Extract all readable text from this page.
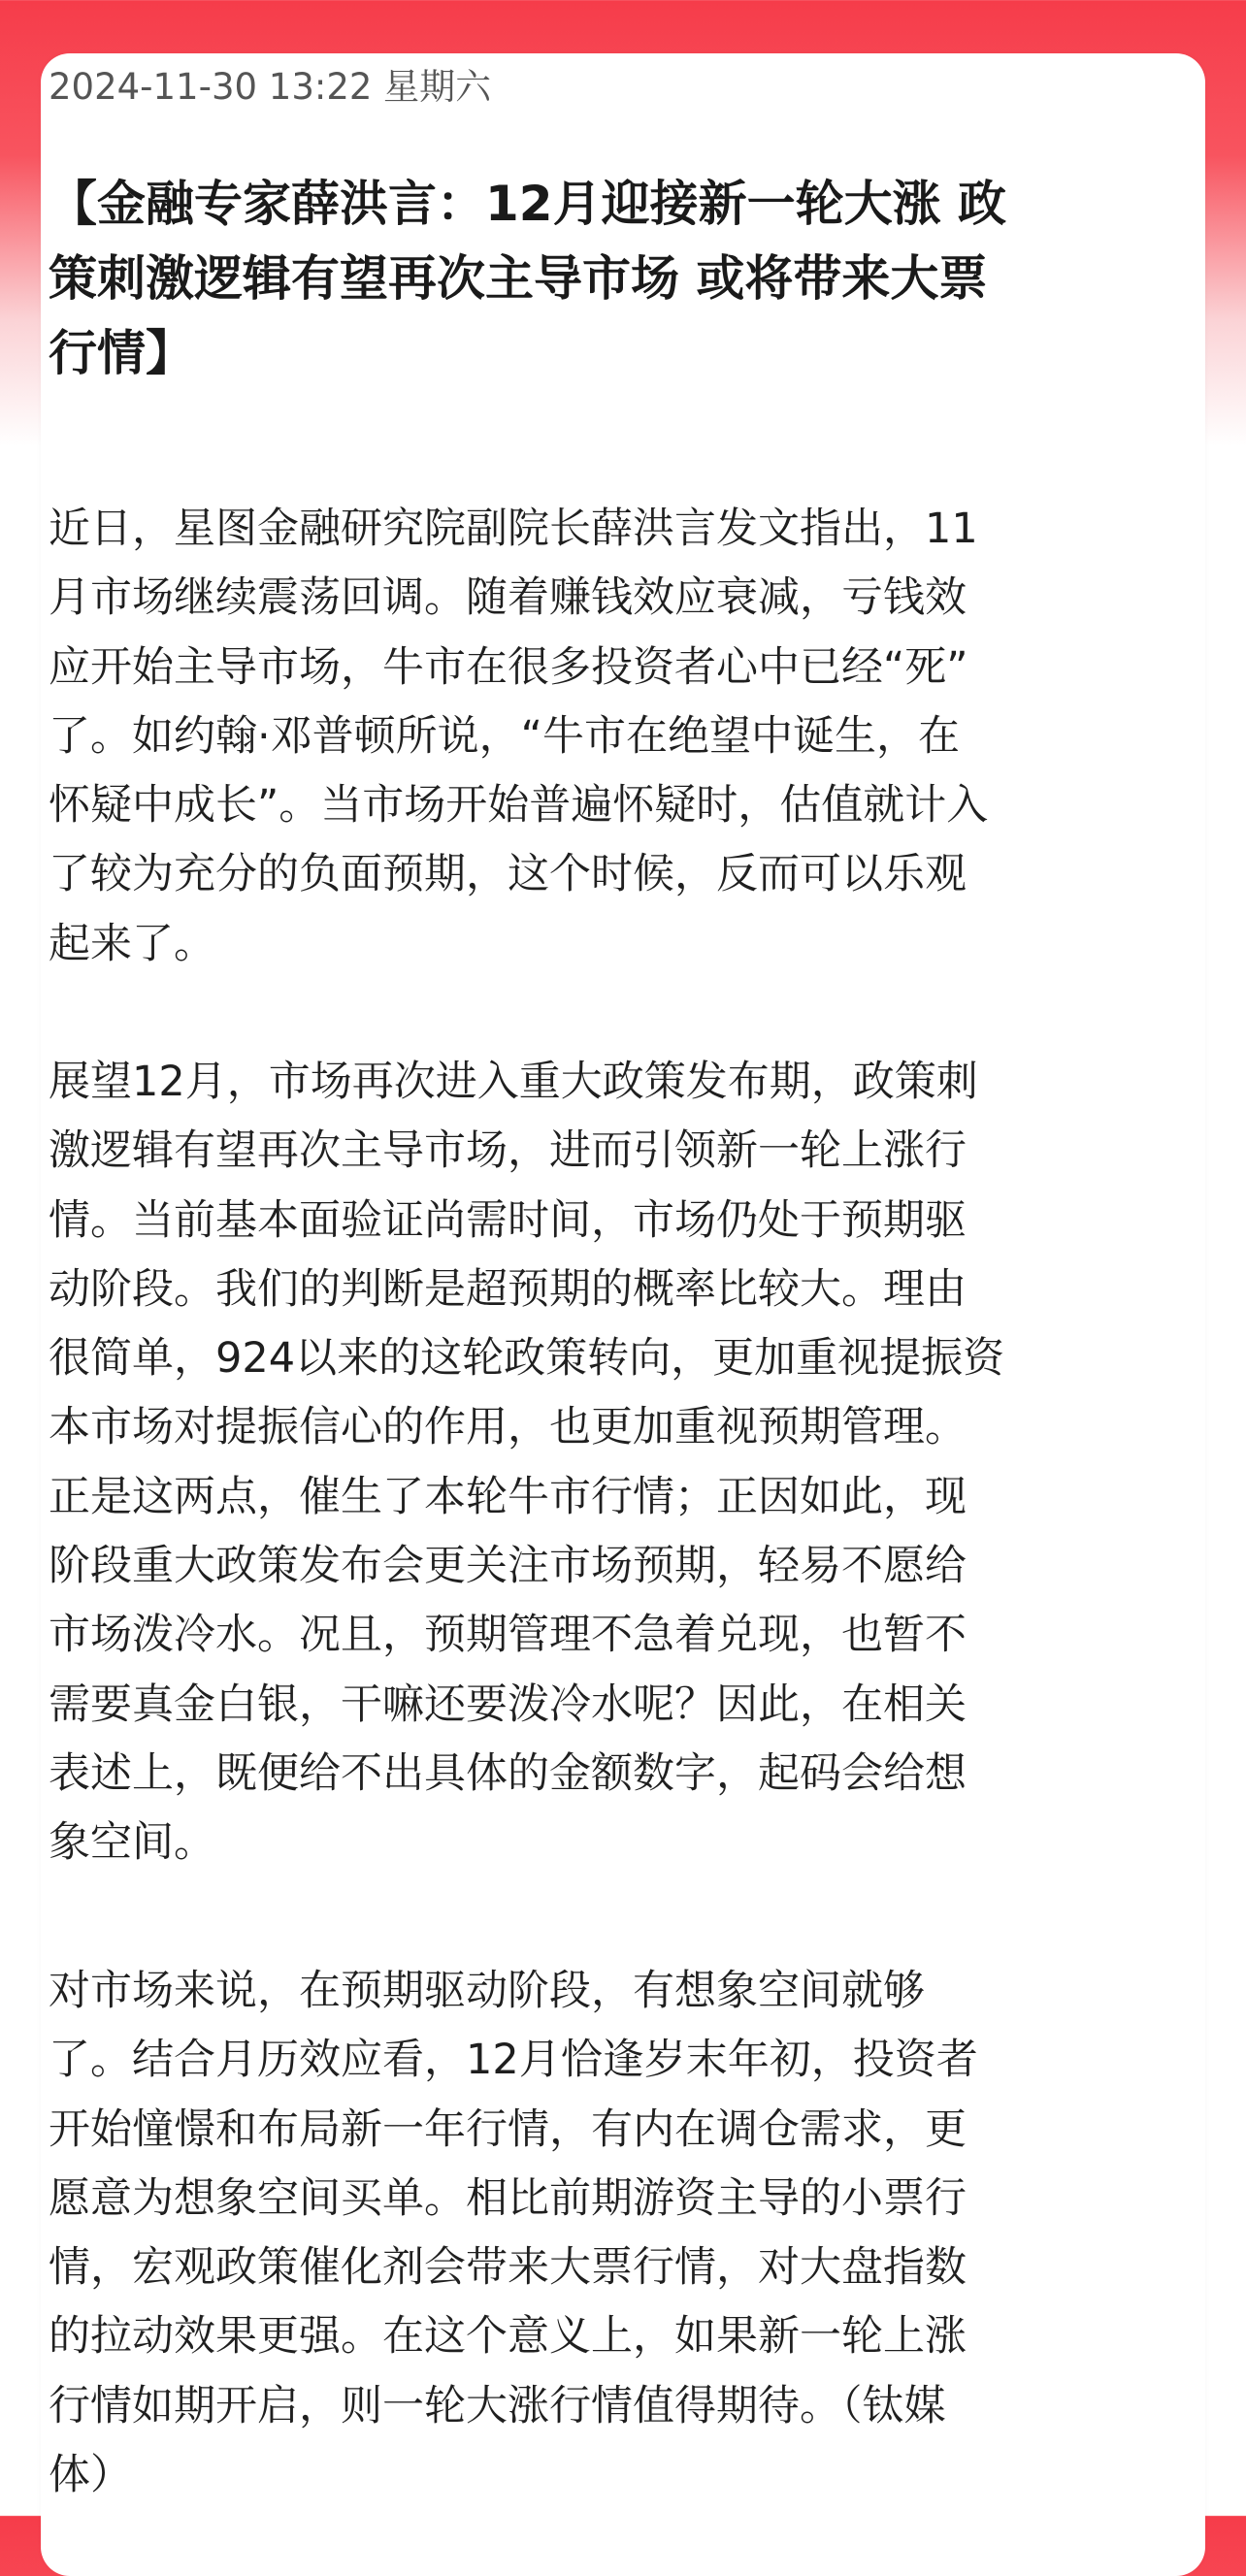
2024-11-30 13:22 星期六
【金融专家薛洪言：12月迎接新一轮大涨 政
策刺激逻辑有望再次主导市场 或将带来大票
行情】

近日，星图金融研究院副院长薛洪言发文指出，11
月市场继续震荡回调。随着赚钱效应衰减，亏钱效
应开始主导市场，牛市在很多投资者心中已经“死”
了。如约翰·邓普顿所说，“牛市在绝望中诞生，在
怀疑中成长”。当市场开始普遍怀疑时，估值就计入
了较为充分的负面预期，这个时候，反而可以乐观
起来了。

展望12月，市场再次进入重大政策发布期，政策刺
激逻辑有望再次主导市场，进而引领新一轮上涨行
情。当前基本面验证尚需时间，市场仍处于预期驱
动阶段。我们的判断是超预期的概率比较大。理由
很简单，924以来的这轮政策转向，更加重视提振资
本市场对提振信心的作用，也更加重视预期管理。
正是这两点，催生了本轮牛市行情；正因如此，现
阶段重大政策发布会更关注市场预期，轻易不愿给
市场泼冷水。况且，预期管理不急着兑现，也暂不
需要真金白银，干嘛还要泼冷水呢？因此，在相关
表述上，既便给不出具体的金额数字，起码会给想
象空间。

对市场来说，在预期驱动阶段，有想象空间就够
了。结合月历效应看，12月恰逢岁末年初，投资者
开始憧憬和布局新一年行情，有内在调仓需求，更
愿意为想象空间买单。相比前期游资主导的小票行
情，宏观政策催化剂会带来大票行情，对大盘指数
的拉动效果更强。在这个意义上，如果新一轮上涨
行情如期开启，则一轮大涨行情值得期待。（钛媒
体）
